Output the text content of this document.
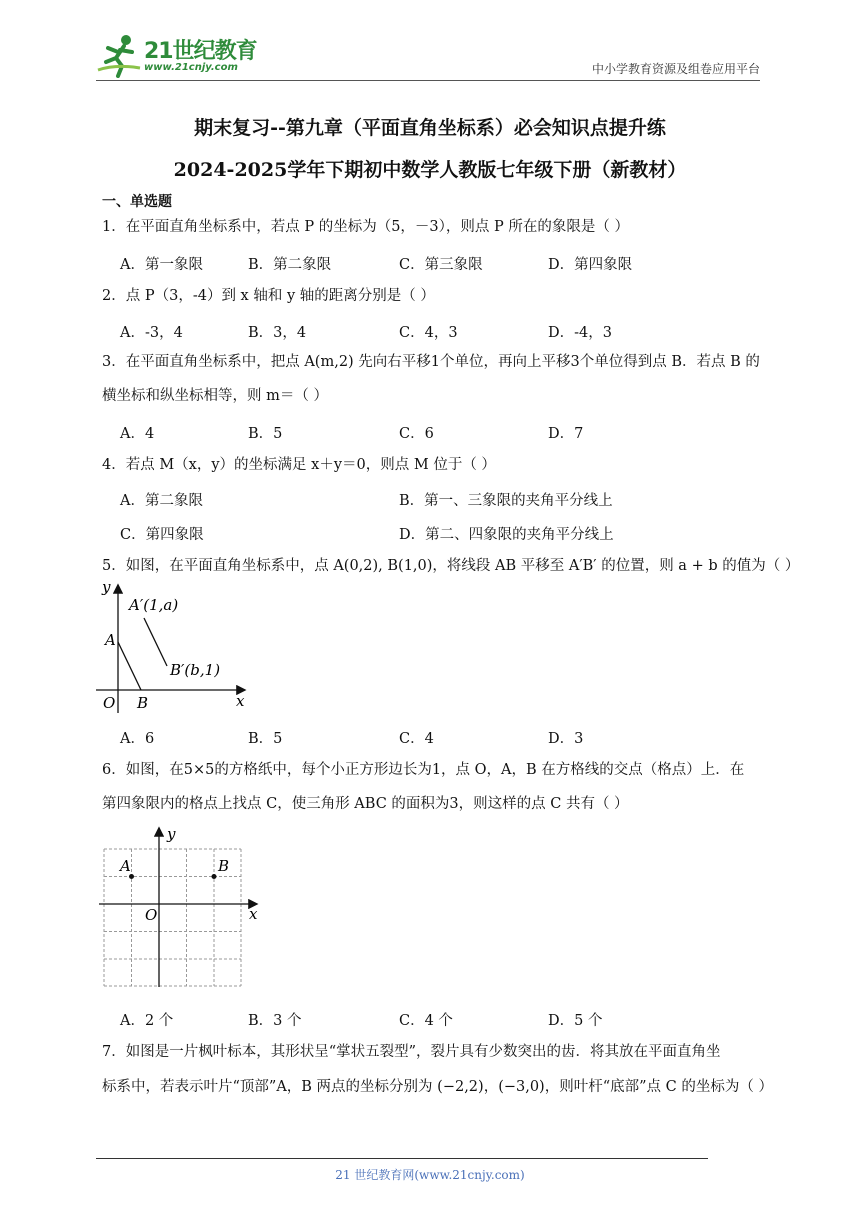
21世纪教育
www.21cnjy.com	中小学教育资源及组卷应用平台
期末复习--第九章（平面直角坐标系）必会知识点提升练
2024-2025学年下期初中数学人教版七年级下册（新教材）
一、单选题
1．在平面直角坐标系中，若点 P 的坐标为（5，－3），则点 P 所在的象限是（ ）
A．第一象限	B．第二象限	C．第三象限	D．第四象限
2．点 P（3，-4）到 x 轴和 y 轴的距离分别是（ ）
A．-3，4	B．3，4	C．4，3	D．-4，3
3．在平面直角坐标系中，把点 A(m,2) 先向右平移1个单位，再向上平移3个单位得到点 B．若点 B 的
横坐标和纵坐标相等，则 m＝（ ）
A．4	B．5	C．6	D．7
4．若点 M（x，y）的坐标满足 x＋y＝0，则点 M 位于（ ）
A．第二象限	B．第一、三象限的夹角平分线上
C．第四象限	D．第二、四象限的夹角平分线上
5．如图，在平面直角坐标系中，点 A(0,2), B(1,0)，将线段 AB 平移至 A′B′ 的位置，则 a + b 的值为（ ）
y
x
A
B
O
A′(1,a)
B′(b,1)
A．6	B．5	C．4	D．3
6．如图，在5×5的方格纸中，每个小正方形边长为1，点 O，A，B 在方格线的交点（格点）上．在
第四象限内的格点上找点 C，使三角形 ABC 的面积为3，则这样的点 C 共有（ ）
y
x
A	B
O
A．2 个	B．3 个	C．4 个	D．5 个
7．如图是一片枫叶标本，其形状呈“掌状五裂型”，裂片具有少数突出的齿．将其放在平面直角坐
标系中，若表示叶片“顶部”A，B 两点的坐标分别为 (−2,2)，(−3,0)，则叶杆“底部”点 C 的坐标为（ ）
21 世纪教育网(www.21cnjy.com)
